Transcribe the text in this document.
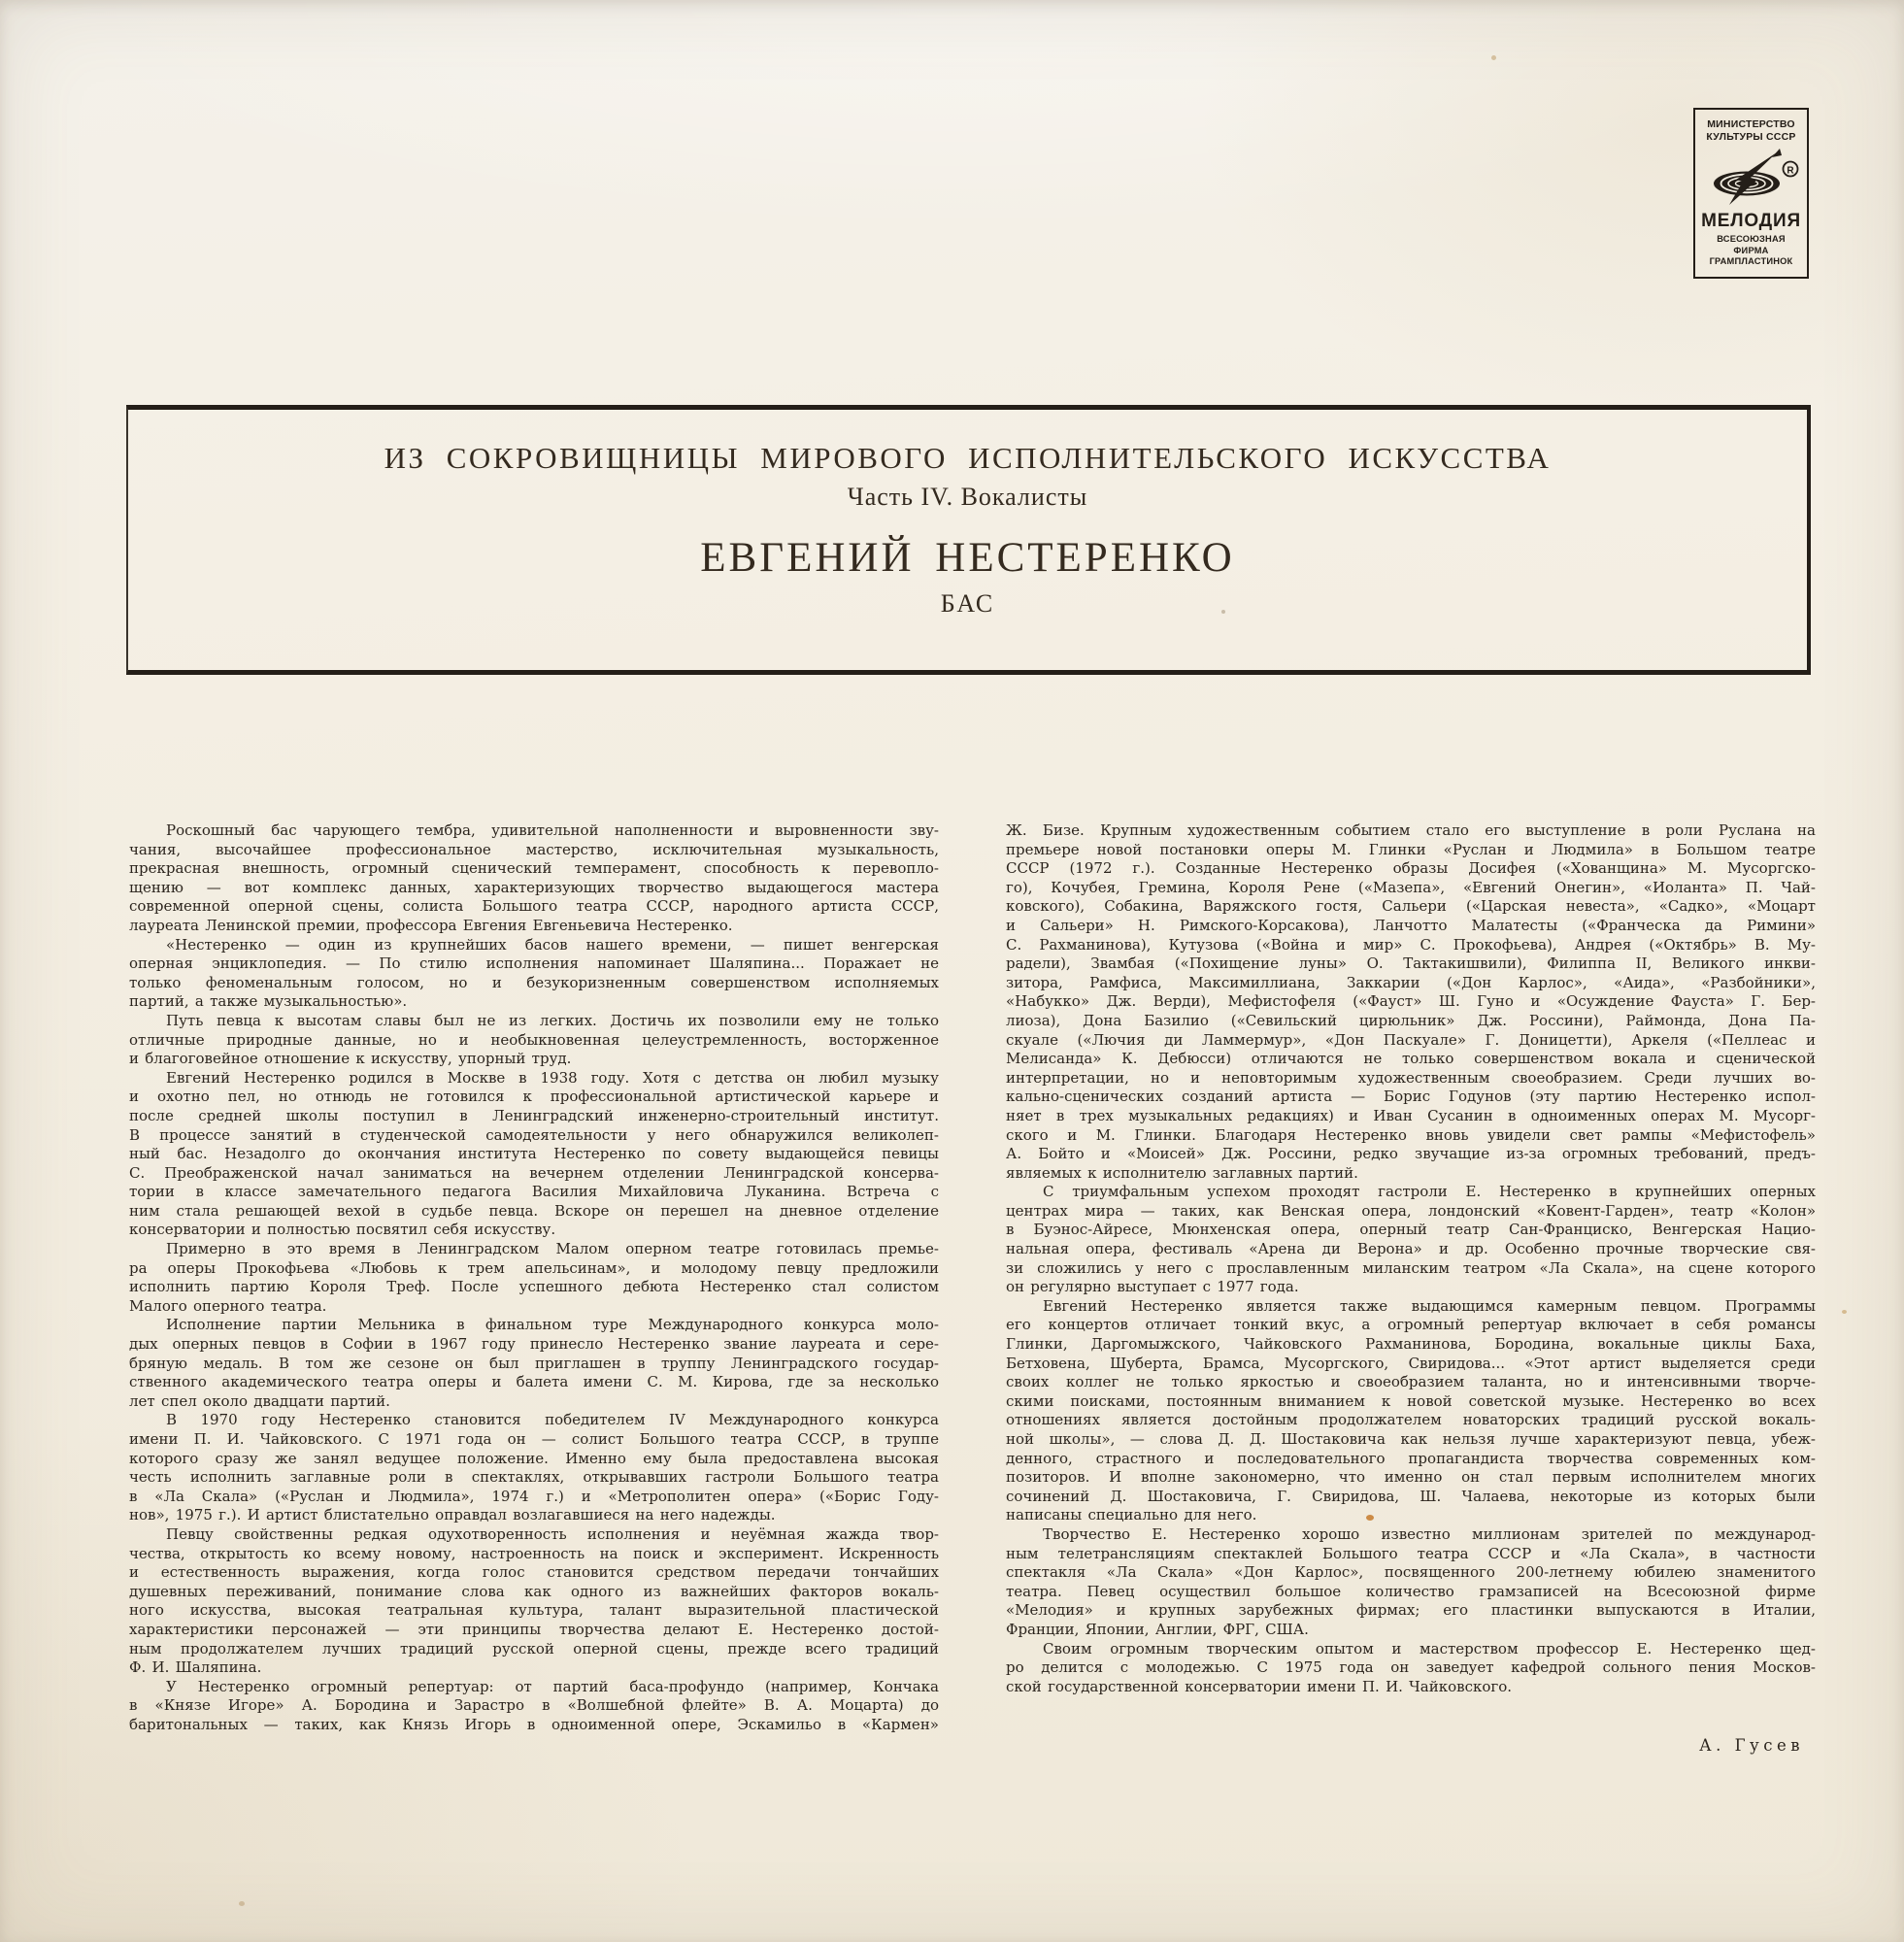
МИНИСТЕРСТВО
КУЛЬТУРЫ СССР
R
МЕЛОДИЯ
ВСЕСОЮЗНАЯ
ФИРМА
ГРАМПЛАСТИНОК
ИЗ СОКРОВИЩНИЦЫ МИРОВОГО ИСПОЛНИТЕЛЬСКОГО ИСКУССТВА
Часть IV. Вокалисты
ЕВГЕНИЙ НЕСТЕРЕНКО
БАС
Роскошный бас чарующего тембра, удивительной наполненности и выровненности зву-
чания, высочайшее профессиональное мастерство, исключительная музыкальность,
прекрасная внешность, огромный сценический темперамент, способность к перевопло-
щению — вот комплекс данных, характеризующих творчество выдающегося мастера
современной оперной сцены, солиста Большого театра СССР, народного артиста СССР,
лауреата Ленинской премии, профессора Евгения Евгеньевича Нестеренко.
«Нестеренко — один из крупнейших басов нашего времени, — пишет венгерская
оперная энциклопедия. — По стилю исполнения напоминает Шаляпина... Поражает не
только феноменальным голосом, но и безукоризненным совершенством исполняемых
партий, а также музыкальностью».
Путь певца к высотам славы был не из легких. Достичь их позволили ему не только
отличные природные данные, но и необыкновенная целеустремленность, восторженное
и благоговейное отношение к искусству, упорный труд.
Евгений Нестеренко родился в Москве в 1938 году. Хотя с детства он любил музыку
и охотно пел, но отнюдь не готовился к профессиональной артистической карьере и
после средней школы поступил в Ленинградский инженерно-строительный институт.
В процессе занятий в студенческой самодеятельности у него обнаружился великолеп-
ный бас. Незадолго до окончания института Нестеренко по совету выдающейся певицы
С. Преображенской начал заниматься на вечернем отделении Ленинградской консерва-
тории в классе замечательного педагога Василия Михайловича Луканина. Встреча с
ним стала решающей вехой в судьбе певца. Вскоре он перешел на дневное отделение
консерватории и полностью посвятил себя искусству.
Примерно в это время в Ленинградском Малом оперном театре готовилась премье-
ра оперы Прокофьева «Любовь к трем апельсинам», и молодому певцу предложили
исполнить партию Короля Треф. После успешного дебюта Нестеренко стал солистом
Малого оперного театра.
Исполнение партии Мельника в финальном туре Международного конкурса моло-
дых оперных певцов в Софии в 1967 году принесло Нестеренко звание лауреата и сере-
бряную медаль. В том же сезоне он был приглашен в труппу Ленинградского государ-
ственного академического театра оперы и балета имени С. М. Кирова, где за несколько
лет спел около двадцати партий.
В 1970 году Нестеренко становится победителем IV Международного конкурса
имени П. И. Чайковского. С 1971 года он — солист Большого театра СССР, в труппе
которого сразу же занял ведущее положение. Именно ему была предоставлена высокая
честь исполнить заглавные роли в спектаклях, открывавших гастроли Большого театра
в «Ла Скала» («Руслан и Людмила», 1974 г.) и «Метрополитен опера» («Борис Году-
нов», 1975 г.). И артист блистательно оправдал возлагавшиеся на него надежды.
Певцу свойственны редкая одухотворенность исполнения и неуёмная жажда твор-
чества, открытость ко всему новому, настроенность на поиск и эксперимент. Искренность
и естественность выражения, когда голос становится средством передачи тончайших
душевных переживаний, понимание слова как одного из важнейших факторов вокаль-
ного искусства, высокая театральная культура, талант выразительной пластической
характеристики персонажей — эти принципы творчества делают Е. Нестеренко достой-
ным продолжателем лучших традиций русской оперной сцены, прежде всего традиций
Ф. И. Шаляпина.
У Нестеренко огромный репертуар: от партий баса-профундо (например, Кончака
в «Князе Игоре» А. Бородина и Зарастро в «Волшебной флейте» В. А. Моцарта) до
баритональных — таких, как Князь Игорь в одноименной опере, Эскамильо в «Кармен»
Ж. Бизе. Крупным художественным событием стало его выступление в роли Руслана на
премьере новой постановки оперы М. Глинки «Руслан и Людмила» в Большом театре
СССР (1972 г.). Созданные Нестеренко образы Досифея («Хованщина» М. Мусоргско-
го), Кочубея, Гремина, Короля Рене («Мазепа», «Евгений Онегин», «Иоланта» П. Чай-
ковского), Собакина, Варяжского гостя, Сальери («Царская невеста», «Садко», «Моцарт
и Сальери» Н. Римского-Корсакова), Ланчотто Малатесты («Франческа да Римини»
С. Рахманинова), Кутузова («Война и мир» С. Прокофьева), Андрея («Октябрь» В. Му-
радели), Звамбая («Похищение луны» О. Тактакишвили), Филиппа II, Великого инкви-
зитора, Рамфиса, Максимиллиана, Заккарии («Дон Карлос», «Аида», «Разбойники»,
«Набукко» Дж. Верди), Мефистофеля («Фауст» Ш. Гуно и «Осуждение Фауста» Г. Бер-
лиоза), Дона Базилио («Севильский цирюльник» Дж. Россини), Раймонда, Дона Па-
скуале («Лючия ди Ламмермур», «Дон Паскуале» Г. Доницетти), Аркеля («Пеллеас и
Мелисанда» К. Дебюсси) отличаются не только совершенством вокала и сценической
интерпретации, но и неповторимым художественным своеобразием. Среди лучших во-
кально-сценических созданий артиста — Борис Годунов (эту партию Нестеренко испол-
няет в трех музыкальных редакциях) и Иван Сусанин в одноименных операх М. Мусорг-
ского и М. Глинки. Благодаря Нестеренко вновь увидели свет рампы «Мефистофель»
А. Бойто и «Моисей» Дж. Россини, редко звучащие из-за огромных требований, предъ-
являемых к исполнителю заглавных партий.
С триумфальным успехом проходят гастроли Е. Нестеренко в крупнейших оперных
центрах мира — таких, как Венская опера, лондонский «Ковент-Гарден», театр «Колон»
в Буэнос-Айресе, Мюнхенская опера, оперный театр Сан-Франциско, Венгерская Нацио-
нальная опера, фестиваль «Арена ди Верона» и др. Особенно прочные творческие свя-
зи сложились у него с прославленным миланским театром «Ла Скала», на сцене которого
он регулярно выступает с 1977 года.
Евгений Нестеренко является также выдающимся камерным певцом. Программы
его концертов отличает тонкий вкус, а огромный репертуар включает в себя романсы
Глинки, Даргомыжского, Чайковского Рахманинова, Бородина, вокальные циклы Баха,
Бетховена, Шуберта, Брамса, Мусоргского, Свиридова... «Этот артист выделяется среди
своих коллег не только яркостью и своеобразием таланта, но и интенсивными творче-
скими поисками, постоянным вниманием к новой советской музыке. Нестеренко во всех
отношениях является достойным продолжателем новаторских традиций русской вокаль-
ной школы», — слова Д. Д. Шостаковича как нельзя лучше характеризуют певца, убеж-
денного, страстного и последовательного пропагандиста творчества современных ком-
позиторов. И вполне закономерно, что именно он стал первым исполнителем многих
сочинений Д. Шостаковича, Г. Свиридова, Ш. Чалаева, некоторые из которых были
написаны специально для него.
Творчество Е. Нестеренко хорошо известно миллионам зрителей по международ-
ным телетрансляциям спектаклей Большого театра СССР и «Ла Скала», в частности
спектакля «Ла Скала» «Дон Карлос», посвященного 200-летнему юбилею знаменитого
театра. Певец осуществил большое количество грамзаписей на Всесоюзной фирме
«Мелодия» и крупных зарубежных фирмах; его пластинки выпускаются в Италии,
Франции, Японии, Англии, ФРГ, США.
Своим огромным творческим опытом и мастерством профессор Е. Нестеренко щед-
ро делится с молодежью. С 1975 года он заведует кафедрой сольного пения Москов-
ской государственной консерватории имени П. И. Чайковского.
А. Гусев
